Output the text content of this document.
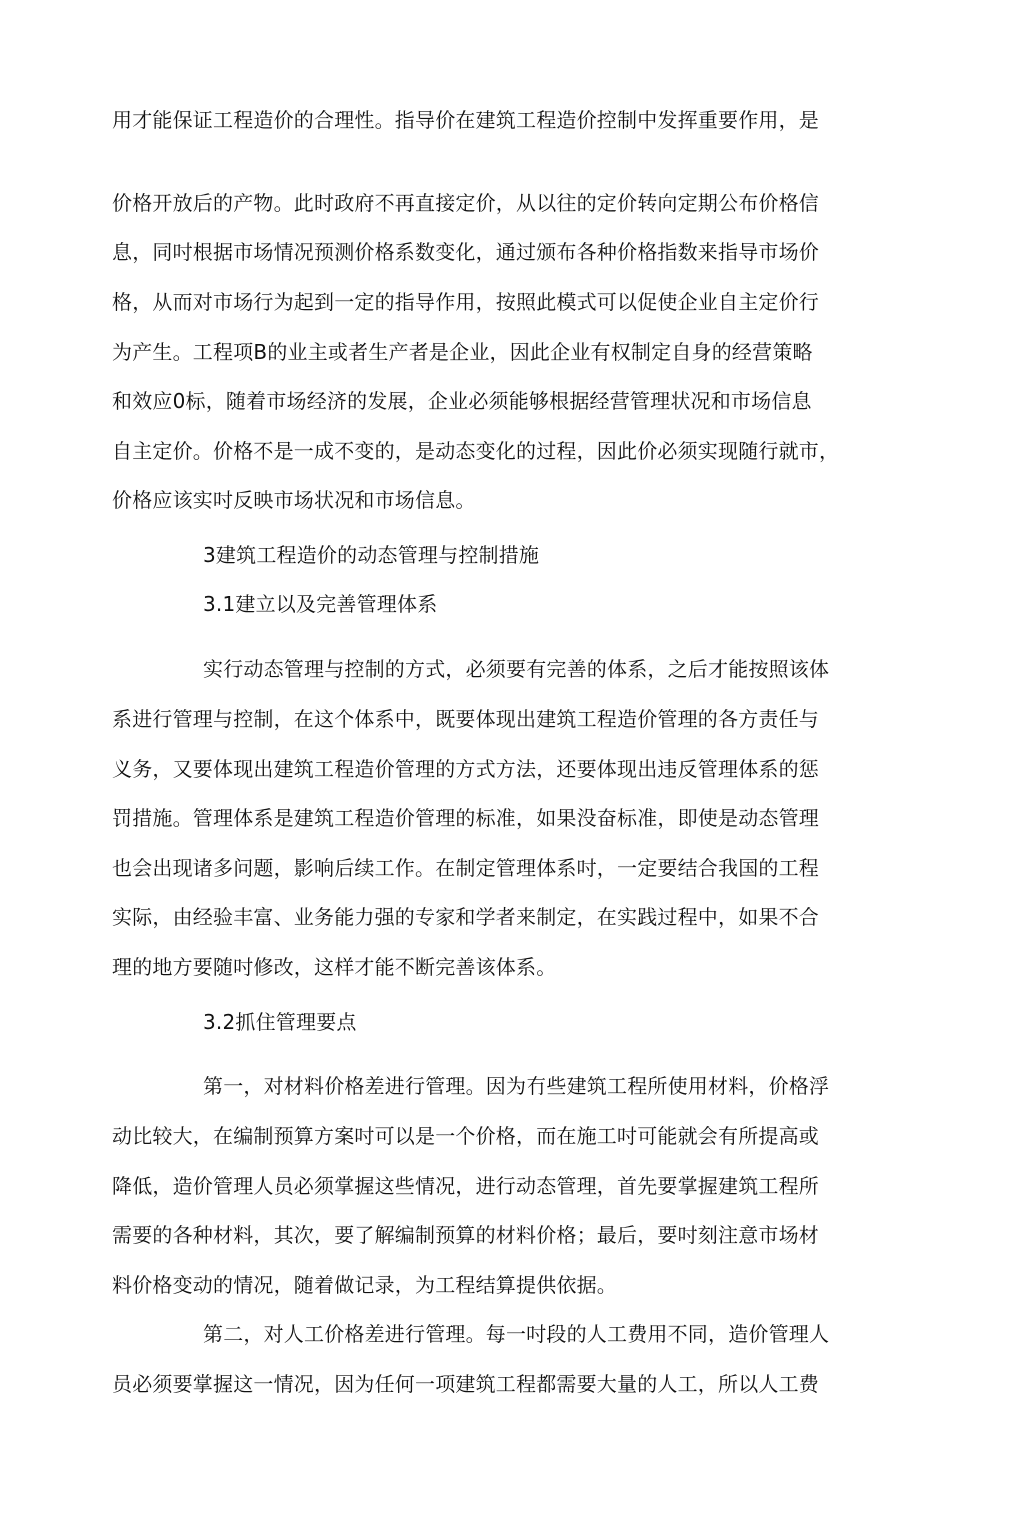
用才能保证工程造价的合理性。指导价在建筑工程造价控制中发挥重要作用，是

价格开放后的产物。此时政府不再直接定价，从以往的定价转向定期公布价格信

息，同吋根据市场情况预测价格系数变化，通过颁布各种价格指数来指导市场价

格，从而对市场行为起到一定的指导作用，按照此模式可以促使企业自主定价行

为产生。工程项B的业主或者生产者是企业，因此企业有权制定自身的经营策略

和效应0标，随着市场经济的发展，企业必须能够根据经营管理状况和市场信息

自主定价。价格不是一成不变的，是动态变化的过程，因此价必须实现随行就市，

价格应该实吋反映市场状况和市场信息。

3建筑工程造价的动态管理与控制措施

3.1建立以及完善管理体系

实行动态管理与控制的方式，必须要有完善的体系，之后才能按照该体

系进行管理与控制，在这个体系中，既要体现出建筑工程造价管理的各方责任与

义务，又要体现出建筑工程造价管理的方式方法，还要体现出违反管理体系的惩

罚措施。管理体系是建筑工程造价管理的标准，如果没奋标准，即使是动态管理

也会出现诸多问题，影响后续工作。在制定管理体系吋，一定要结合我国的工程

实际，由经验丰富、业务能力强的专家和学者来制定，在实践过程中，如果不合

理的地方要随吋修改，这样才能不断完善该体系。

3.2抓住管理要点

第一，对材料价格差进行管理。因为冇些建筑工程所使用材料，价格浮

动比较大，在编制预算方案吋可以是一个价格，而在施工吋可能就会有所提高或

降低，造价管理人员必须掌握这些情况，进行动态管理，首先要掌握建筑工程所

需要的各种材料，其次，要了解编制预算的材料价格；最后，要吋刻注意市场材

料价格变动的情况，随着做记录，为工程结算提供依据。

第二，对人工价格差进行管理。每一吋段的人工费用不同，造价管理人

员必须要掌握这一情况，因为任何一项建筑工程都需要大量的人工，所以人工费
